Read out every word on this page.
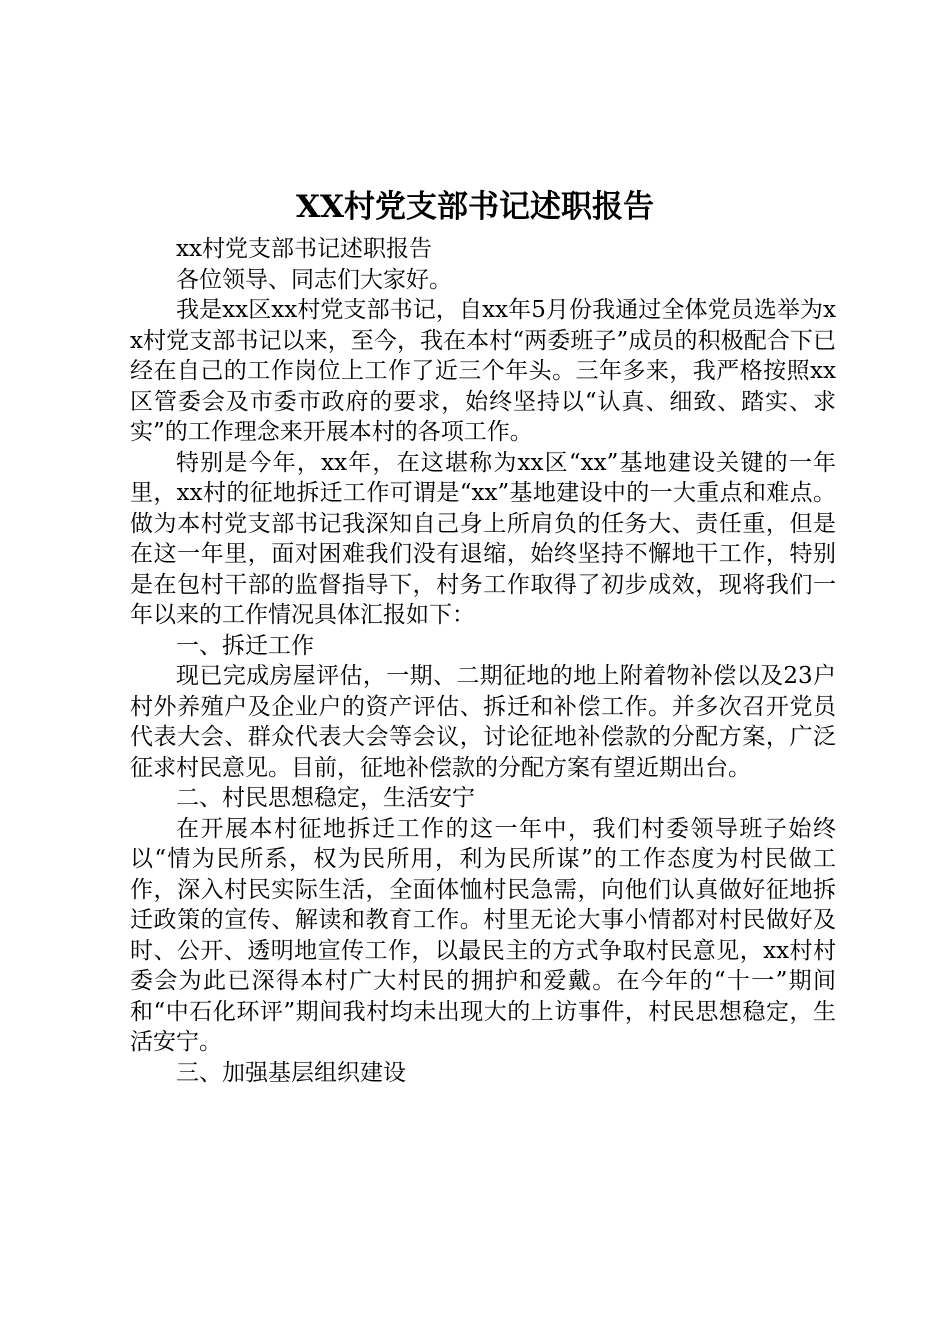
XX村党支部书记述职报告

xx村党支部书记述职报告

各位领导、同志们大家好。

我是xx区xx村党支部书记，自xx年5月份我通过全体党员选举为xx村党支部书记以来，至今，我在本村“两委班子”成员的积极配合下已经在自己的工作岗位上工作了近三个年头。三年多来，我严格按照xx区管委会及市委市政府的要求，始终坚持以“认真、细致、踏实、求实”的工作理念来开展本村的各项工作。

特别是今年，xx年，在这堪称为xx区“xx”基地建设关键的一年里，xx村的征地拆迁工作可谓是“xx”基地建设中的一大重点和难点。做为本村党支部书记我深知自己身上所肩负的任务大、责任重，但是在这一年里，面对困难我们没有退缩，始终坚持不懈地干工作，特别是在包村干部的监督指导下，村务工作取得了初步成效，现将我们一年以来的工作情况具体汇报如下：

一、拆迁工作

现已完成房屋评估，一期、二期征地的地上附着物补偿以及23户村外养殖户及企业户的资产评估、拆迁和补偿工作。并多次召开党员代表大会、群众代表大会等会议，讨论征地补偿款的分配方案，广泛征求村民意见。目前，征地补偿款的分配方案有望近期出台。

二、村民思想稳定，生活安宁

在开展本村征地拆迁工作的这一年中，我们村委领导班子始终以“情为民所系，权为民所用，利为民所谋”的工作态度为村民做工作，深入村民实际生活，全面体恤村民急需，向他们认真做好征地拆迁政策的宣传、解读和教育工作。村里无论大事小情都对村民做好及时、公开、透明地宣传工作，以最民主的方式争取村民意见，xx村村委会为此已深得本村广大村民的拥护和爱戴。在今年的“十一”期间和“中石化环评”期间我村均未出现大的上访事件，村民思想稳定，生活安宁。

三、加强基层组织建设
